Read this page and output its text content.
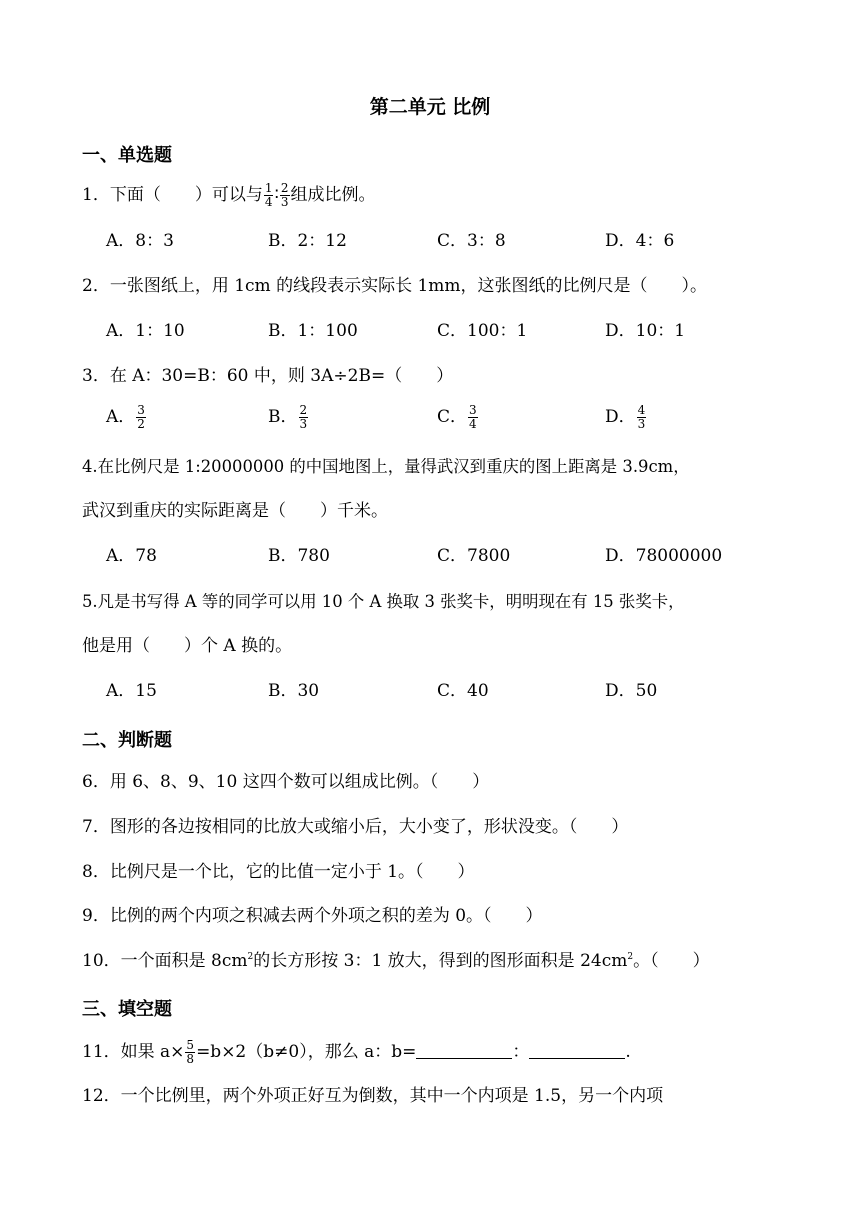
第二单元 比例
一、单选题
1．下面（　　）可以与 $\frac{1}{4}$ ∶ $\frac{2}{3}$ 组成比例。
A．8：3	B．2：12	C．3：8	D．4：6
2．一张图纸上，用 1cm 的线段表示实际长 1mm，这张图纸的比例尺是（　　）。
A．1：10	B．1：100	C．100：1	D．10：1
3．在 A：30=B：60 中，则 3A÷2B=（　　）
A． $\frac{3}{2}$	B． $\frac{2}{3}$	C． $\frac{3}{4}$	D． $\frac{4}{3}$
4.在比例尺是 1:20000000 的中国地图上，量得武汉到重庆的图上距离是 3.9cm，
武汉到重庆的实际距离是（　　）千米。
A．78	B．780	C．7800	D．78000000
5.凡是书写得 A 等的同学可以用 10 个 A 换取 3 张奖卡，明明现在有 15 张奖卡，
他是用（　　）个 A 换的。
A．15	B．30	C．40	D．50
二、判断题
6．用 6、8、9、10 这四个数可以组成比例。（　　）
7．图形的各边按相同的比放大或缩小后，大小变了，形状没变。（　　）
8．比例尺是一个比，它的比值一定小于 1。（　　）
9．比例的两个内项之积减去两个外项之积的差为 0。（　　）
10．一个面积是 $8cm^2$的长方形按 3：1 放大，得到的图形面积是 $24cm^2$。（　　）
三、填空题
11．如果 $a\times \frac{5}{8} =b\times 2(b\ne 0)$，那么 a：b=	：	.
12．一个比例里，两个外项正好互为倒数，其中一个内项是 1.5，另一个内项
